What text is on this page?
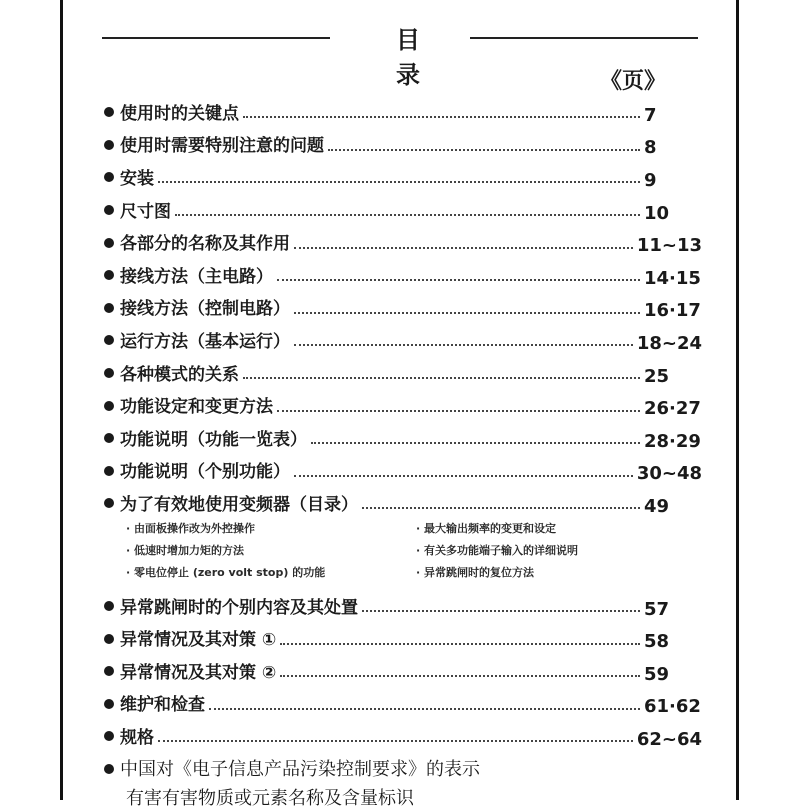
目 录	《页》
使用时的关键点	7
使用时需要特别注意的问题	8
安装	9
尺寸图	10
各部分的名称及其作用	11~13
接线方法（主电路）	14·15
接线方法（控制电路）	16·17
运行方法（基本运行）	18~24
各种模式的关系	25
功能设定和变更方法	26·27
功能说明（功能一览表）	28·29
功能说明（个别功能）	30~48
为了有效地使用变频器（目录）	49
· 由面板操作改为外控操作	· 最大输出频率的变更和设定
· 低速时增加力矩的方法	· 有关多功能端子输入的详细说明
· 零电位停止 (zero volt stop) 的功能	· 异常跳闸时的复位方法
异常跳闸时的个别内容及其处置	57
异常情况及其对策 ①	58
异常情况及其对策 ②	59
维护和检查	61·62
规格	62~64
中国对《电子信息产品污染控制要求》的表示
有害有害物质或元素名称及含量标识
